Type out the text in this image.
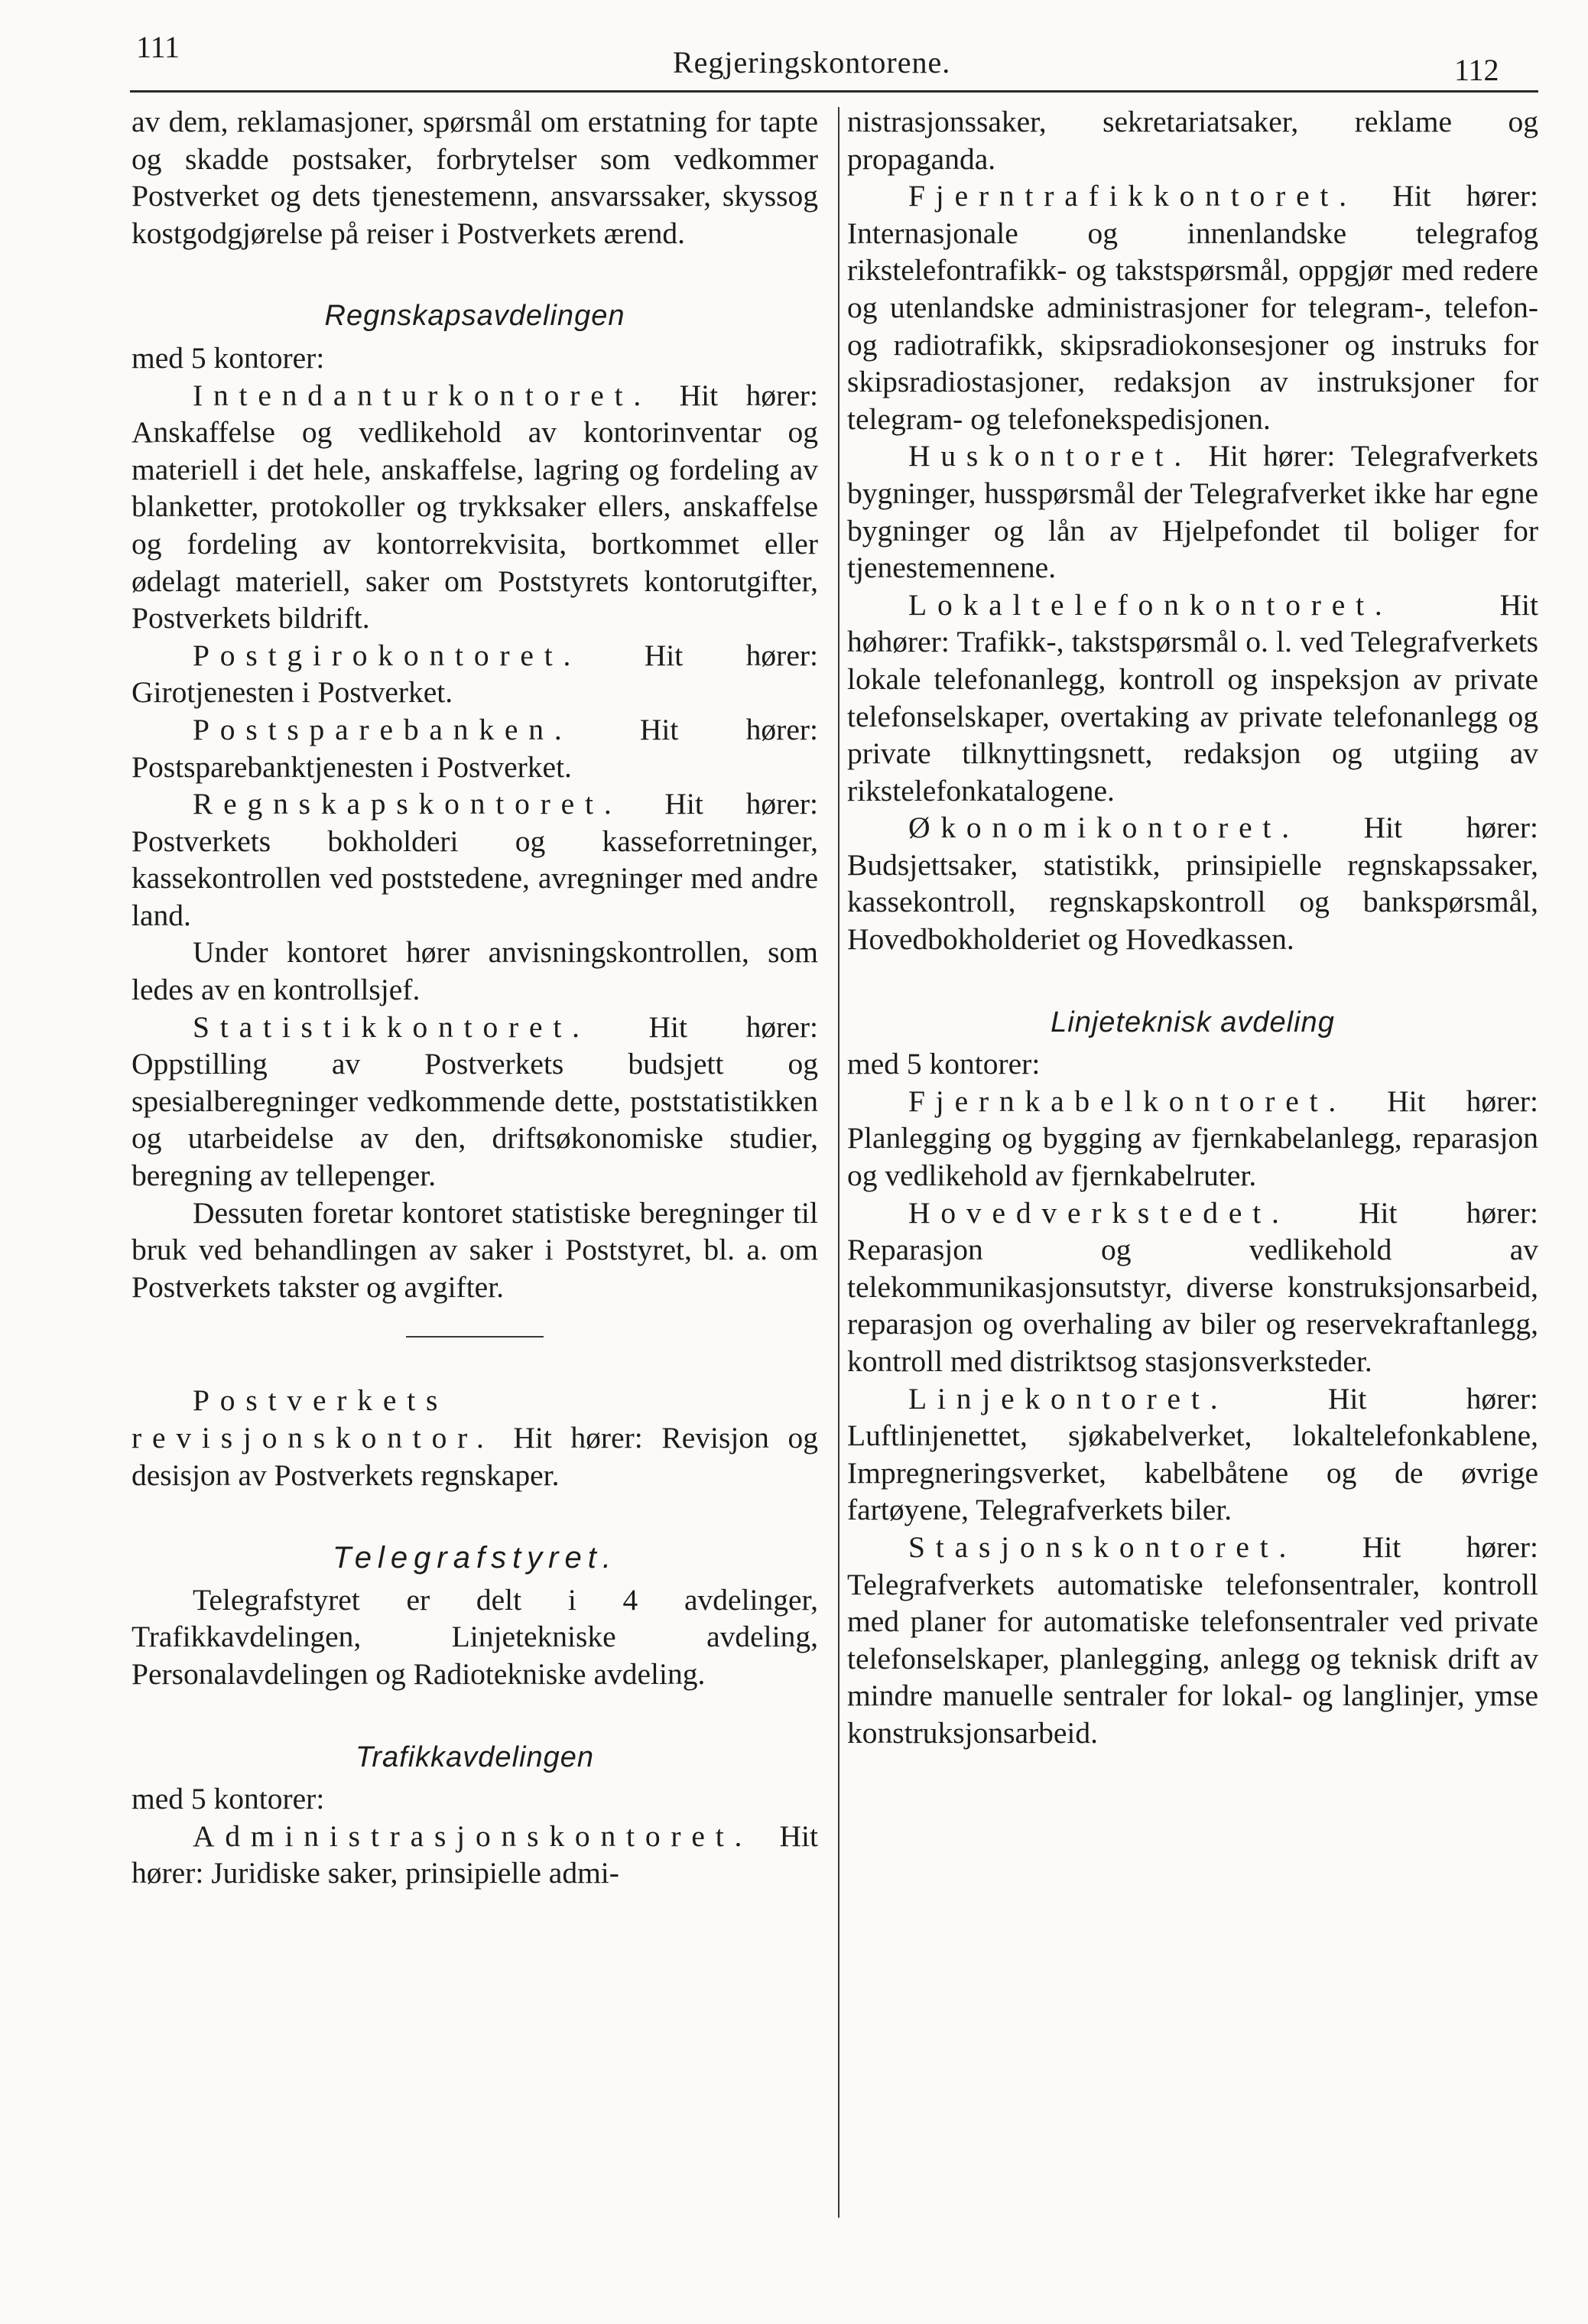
111	Regjeringskontorene.	112

av dem, reklamasjoner, spørsmål om erstatning for tapte og skadde postsaker, forbrytelser som vedkommer Postverket og dets tjenestemenn, ansvarssaker, skyssog kostgodgjørelse på reiser i Postverkets ærend.

Regnskapsavdelingen

med 5 kontorer:

Intendanturkontoret. Hit hører: Anskaffelse og vedlikehold av kontorinventar og materiell i det hele, anskaffelse, lagring og fordeling av blanketter, protokoller og trykksaker ellers, anskaffelse og fordeling av kontorrekvisita, bortkommet eller ødelagt materiell, saker om Poststyrets kontorutgifter, Postverkets bildrift.

Postgirokontoret. Hit hører: Girotjenesten i Postverket.

Postsparebanken. Hit hører: Postsparebanktjenesten i Postverket.

Regnskapskontoret. Hit hører: Postverkets bokholderi og kasseforretninger, kassekontrollen ved poststedene, avregninger med andre land.

Under kontoret hører anvisningskontrollen, som ledes av en kontrollsjef.

Statistikkontoret. Hit hører: Oppstilling av Postverkets budsjett og spesialberegninger vedkommende dette, poststatistikken og utarbeidelse av den, driftsøkonomiske studier, beregning av tellepenger.

Dessuten foretar kontoret statistiske beregninger til bruk ved behandlingen av saker i Poststyret, bl. a. om Postverkets takster og avgifter.

Postverkets revisjonskontor. Hit hører: Revisjon og desisjon av Postverkets regnskaper.

Telegrafstyret.

Telegrafstyret er delt i 4 avdelinger, Trafikkavdelingen, Linjetekniske avdeling, Personalavdelingen og Radiotekniske avdeling.

Trafikkavdelingen

med 5 kontorer:

Administrasjonskontoret. Hit hører: Juridiske saker, prinsipielle admi-

nistrasjonssaker, sekretariatsaker, reklame og propaganda.

Fjerntrafikkontoret. Hit hører: Internasjonale og innenlandske telegrafog rikstelefontrafikk- og takstspørsmål, oppgjør med redere og utenlandske administrasjoner for telegram-, telefon- og radiotrafikk, skipsradiokonsesjoner og instruks for skipsradiostasjoner, redaksjon av instruksjoner for telegram- og telefonekspedisjonen.

Huskontoret. Hit hører: Telegrafverkets bygninger, husspørsmål der Telegrafverket ikke har egne bygninger og lån av Hjelpefondet til boliger for tjenestemennene.

Lokaltelefonkontoret. Hit høhører: Trafikk-, takstspørsmål o. l. ved Telegrafverkets lokale telefonanlegg, kontroll og inspeksjon av private telefonselskaper, overtaking av private telefonanlegg og private tilknyttingsnett, redaksjon og utgiing av rikstelefonkatalogene.

Økonomikontoret. Hit hører: Budsjettsaker, statistikk, prinsipielle regnskapssaker, kassekontroll, regnskapskontroll og bankspørsmål, Hovedbokholderiet og Hovedkassen.

Linjeteknisk avdeling

med 5 kontorer:

Fjernkabelkontoret. Hit hører: Planlegging og bygging av fjernkabelanlegg, reparasjon og vedlikehold av fjernkabelruter.

Hovedverkstedet. Hit hører: Reparasjon og vedlikehold av telekommunikasjonsutstyr, diverse konstruksjonsarbeid, reparasjon og overhaling av biler og reservekraftanlegg, kontroll med distriktsog stasjonsverksteder.

Linjekontoret. Hit hører: Luftlinjenettet, sjøkabelverket, lokaltelefonkablene, Impregneringsverket, kabelbåtene og de øvrige fartøyene, Telegrafverkets biler.

Stasjonskontoret. Hit hører: Telegrafverkets automatiske telefonsentraler, kontroll med planer for automatiske telefonsentraler ved private telefonselskaper, planlegging, anlegg og teknisk drift av mindre manuelle sentraler for lokal- og langlinjer, ymse konstruksjonsarbeid.
